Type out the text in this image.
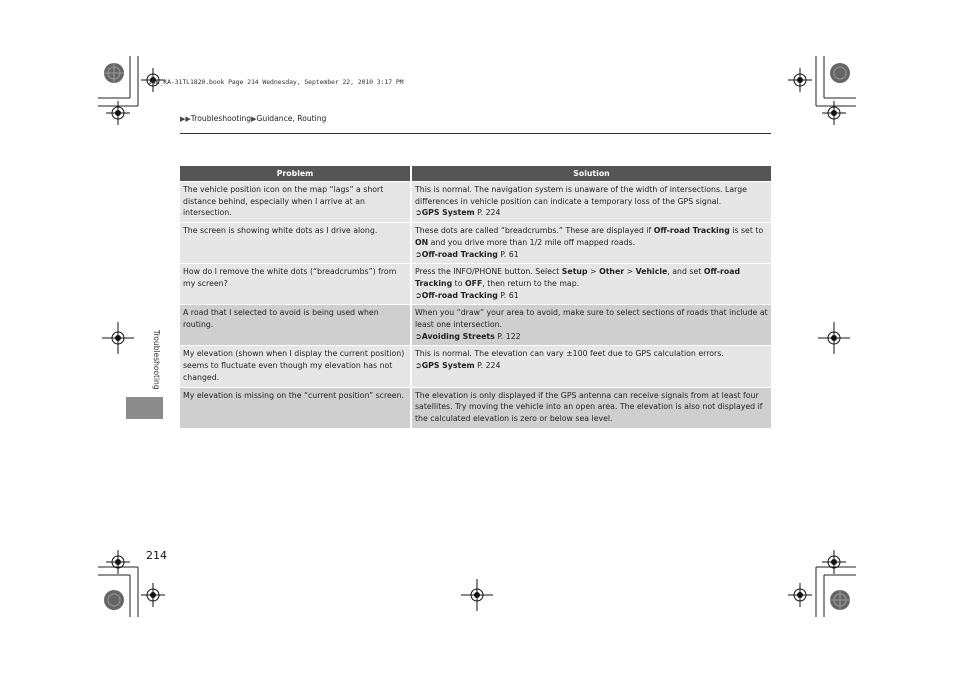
1SN_KA-31TL1820.book Page 214 Wednesday, September 22, 2010 3:17 PM
▶▶Troubleshooting▶Guidance, Routing
Problem	Solution
The vehicle position icon on the map “lags” a short distance behind, especially when I arrive at an intersection.	This is normal. The navigation system is unaware of the width of intersections. Large differences in vehicle position can indicate a temporary loss of the GPS signal.
➲GPS System P. 224
The screen is showing white dots as I drive along.	These dots are called “breadcrumbs.” These are displayed if Off-road Tracking is set to ON and you drive more than 1/2 mile off mapped roads.
➲Off-road Tracking P. 61
How do I remove the white dots (“breadcrumbs”) from my screen?	Press the INFO/PHONE button. Select Setup > Other > Vehicle, and set Off-road Tracking to OFF, then return to the map.
➲Off-road Tracking P. 61
A road that I selected to avoid is being used when routing.	When you “draw” your area to avoid, make sure to select sections of roads that include at least one intersection.
➲Avoiding Streets P. 122
My elevation (shown when I display the current position) seems to fluctuate even though my elevation has not changed.	This is normal. The elevation can vary ±100 feet due to GPS calculation errors.
➲GPS System P. 224
My elevation is missing on the “current position” screen.	The elevation is only displayed if the GPS antenna can receive signals from at least four satellites. Try moving the vehicle into an open area. The elevation is also not displayed if the calculated elevation is zero or below sea level.
Troubleshooting
214
